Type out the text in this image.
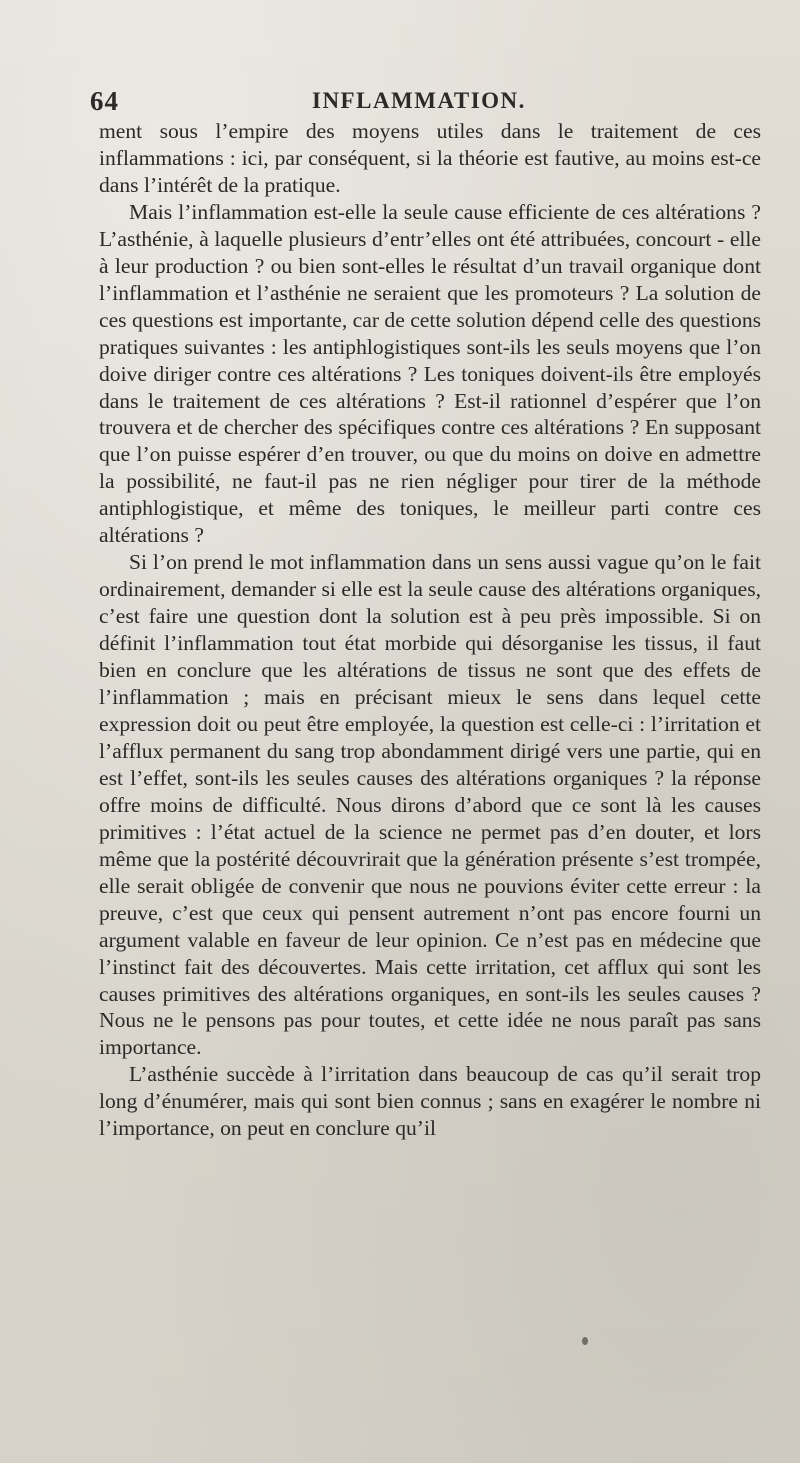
64	INFLAMMATION.

ment sous l’empire des moyens utiles dans le traitement de ces inflammations : ici, par conséquent, si la théorie est fautive, au moins est-ce dans l’intérêt de la pratique.

Mais l’inflammation est-elle la seule cause efficiente de ces altérations ? L’asthénie, à laquelle plusieurs d’entr’elles ont été attribuées, concourt - elle à leur production ? ou bien sont-elles le résultat d’un travail organique dont l’inflammation et l’asthénie ne seraient que les promoteurs ? La solution de ces questions est importante, car de cette solution dépend celle des questions pratiques suivantes : les antiphlogistiques sont-ils les seuls moyens que l’on doive diriger contre ces altérations ? Les toniques doivent-ils être employés dans le traitement de ces altérations ? Est-il rationnel d’espérer que l’on trouvera et de chercher des spécifiques contre ces altérations ? En supposant que l’on puisse espérer d’en trouver, ou que du moins on doive en admettre la possibilité, ne faut-il pas ne rien négliger pour tirer de la méthode antiphlogistique, et même des toniques, le meilleur parti contre ces altérations ?

Si l’on prend le mot inflammation dans un sens aussi vague qu’on le fait ordinairement, demander si elle est la seule cause des altérations organiques, c’est faire une question dont la solution est à peu près impossible. Si on définit l’inflammation tout état morbide qui désorganise les tissus, il faut bien en conclure que les altérations de tissus ne sont que des effets de l’inflammation ; mais en précisant mieux le sens dans lequel cette expression doit ou peut être employée, la question est celle-ci : l’irritation et l’afflux permanent du sang trop abondamment dirigé vers une partie, qui en est l’effet, sont-ils les seules causes des altérations organiques ? la réponse offre moins de difficulté. Nous dirons d’abord que ce sont là les causes primitives : l’état actuel de la science ne permet pas d’en douter, et lors même que la postérité découvrirait que la génération présente s’est trompée, elle serait obligée de convenir que nous ne pouvions éviter cette erreur : la preuve, c’est que ceux qui pensent autrement n’ont pas encore fourni un argument valable en faveur de leur opinion. Ce n’est pas en médecine que l’instinct fait des découvertes. Mais cette irritation, cet afflux qui sont les causes primitives des altérations organiques, en sont-ils les seules causes ? Nous ne le pensons pas pour toutes, et cette idée ne nous paraît pas sans importance.

L’asthénie succède à l’irritation dans beaucoup de cas qu’il serait trop long d’énumérer, mais qui sont bien connus ; sans en exagérer le nombre ni l’importance, on peut en conclure qu’il
